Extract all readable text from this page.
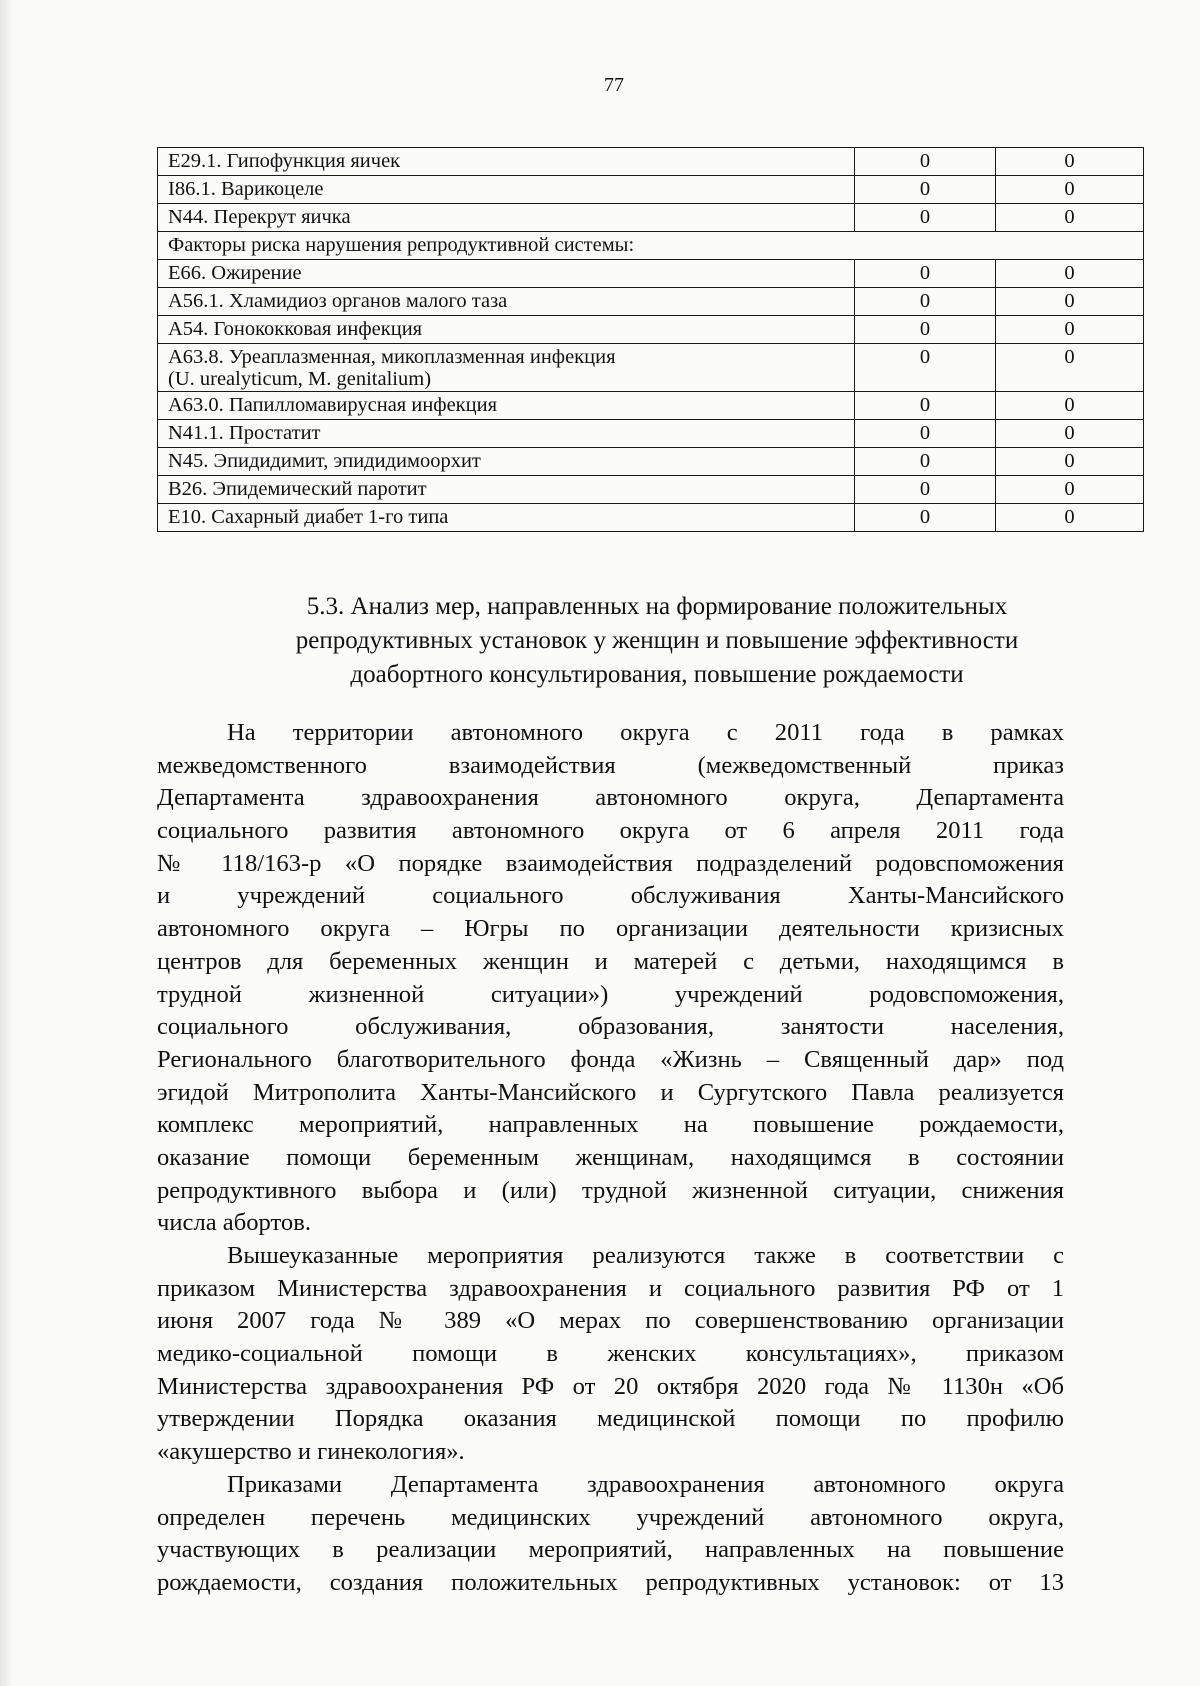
77
E29.1. Гипофункция яичек	0	0
I86.1. Варикоцеле	0	0
N44. Перекрут яичка	0	0
Факторы риска нарушения репродуктивной системы:		
E66. Ожирение	0	0
A56.1. Хламидиоз органов малого таза	0	0
A54. Гонококковая инфекция	0	0
A63.8. Уреаплазменная, микоплазменная инфекция
(U. urealyticum, M. genitalium)	0	0
A63.0. Папилломавирусная инфекция	0	0
N41.1. Простатит	0	0
N45. Эпидидимит, эпидидимоорхит	0	0
B26. Эпидемический паротит	0	0
E10. Сахарный диабет 1-го типа	0	0
5.3. Анализ мер, направленных на формирование положительных
репродуктивных установок у женщин и повышение эффективности
доабортного консультирования, повышение рождаемости
На территории автономного округа с 2011 года в рамках
межведомственного взаимодействия (межведомственный приказ
Департамента здравоохранения автономного округа, Департамента
социального развития автономного округа от 6 апреля 2011 года
№ 118/163-р «О порядке взаимодействия подразделений родовспоможения
и учреждений социального обслуживания Ханты-Мансийского
автономного округа – Югры по организации деятельности кризисных
центров для беременных женщин и матерей с детьми, находящимся в
трудной жизненной ситуации») учреждений родовспоможения,
социального обслуживания, образования, занятости населения,
Регионального благотворительного фонда «Жизнь – Священный дар» под
эгидой Митрополита Ханты-Мансийского и Сургутского Павла реализуется
комплекс мероприятий, направленных на повышение рождаемости,
оказание помощи беременным женщинам, находящимся в состоянии
репродуктивного выбора и (или) трудной жизненной ситуации, снижения
числа абортов.
Вышеуказанные мероприятия реализуются также в соответствии с
приказом Министерства здравоохранения и социального развития РФ от 1
июня 2007 года № 389 «О мерах по совершенствованию организации
медико-социальной помощи в женских консультациях», приказом
Министерства здравоохранения РФ от 20 октября 2020 года № 1130н «Об
утверждении Порядка оказания медицинской помощи по профилю
«акушерство и гинекология».
Приказами Департамента здравоохранения автономного округа
определен перечень медицинских учреждений автономного округа,
участвующих в реализации мероприятий, направленных на повышение
рождаемости, создания положительных репродуктивных установок: от 13
